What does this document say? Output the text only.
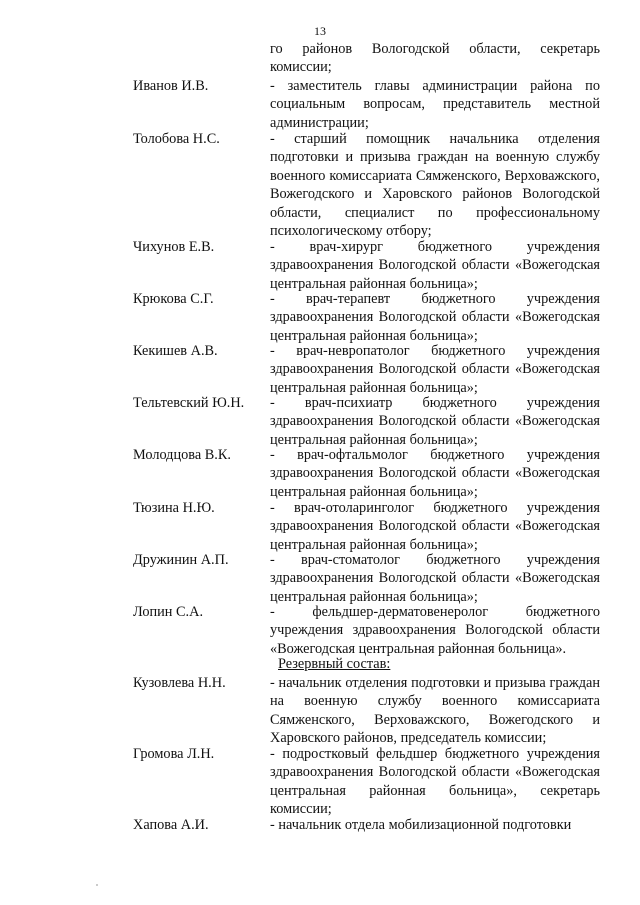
13
го районов Вологодской области, секретарь комиссии;
Иванов И.В.	- заместитель главы администрации района по социальным вопросам, представитель местной администрации;
Толобова Н.С.	- старший помощник начальника отделения подготовки и призыва граждан на военную службу военного комиссариата Сямженского, Верховажского, Вожегодского и Харовского районов Вологодской области, специалист по профессиональному психологическому отбору;
Чихунов Е.В.	- врач-хирург бюджетного учреждения здравоохранения Вологодской области «Вожегодская центральная районная больница»;
Крюкова С.Г.	- врач-терапевт бюджетного учреждения здравоохранения Вологодской области «Вожегодская центральная районная больница»;
Кекишев А.В.	- врач-невропатолог бюджетного учреждения здравоохранения Вологодской области «Вожегодская центральная районная больница»;
Тельтевский Ю.Н.	- врач-психиатр бюджетного учреждения здравоохранения Вологодской области «Вожегодская центральная районная больница»;
Молодцова В.К.	- врач-офтальмолог бюджетного учреждения здравоохранения Вологодской области «Вожегодская центральная районная больница»;
Тюзина Н.Ю.	- врач-отоларинголог бюджетного учреждения здравоохранения Вологодской области «Вожегодская центральная районная больница»;
Дружинин А.П.	- врач-стоматолог бюджетного учреждения здравоохранения Вологодской области «Вожегодская центральная районная больница»;
Лопин С.А.	- фельдшер-дерматовенеролог бюджетного учреждения здравоохранения Вологодской области «Вожегодская центральная районная больница».
Резервный состав:
Кузовлева Н.Н.	- начальник отделения подготовки и призыва граждан на военную службу военного комиссариата Сямженского, Верховажского, Вожегодского и Харовского районов, председатель комиссии;
Громова Л.Н.	- подростковый фельдшер бюджетного учреждения здравоохранения Вологодской области «Вожегодская центральная районная больница», секретарь комиссии;
Хапова А.И.	- начальник отдела мобилизационной подготовки
